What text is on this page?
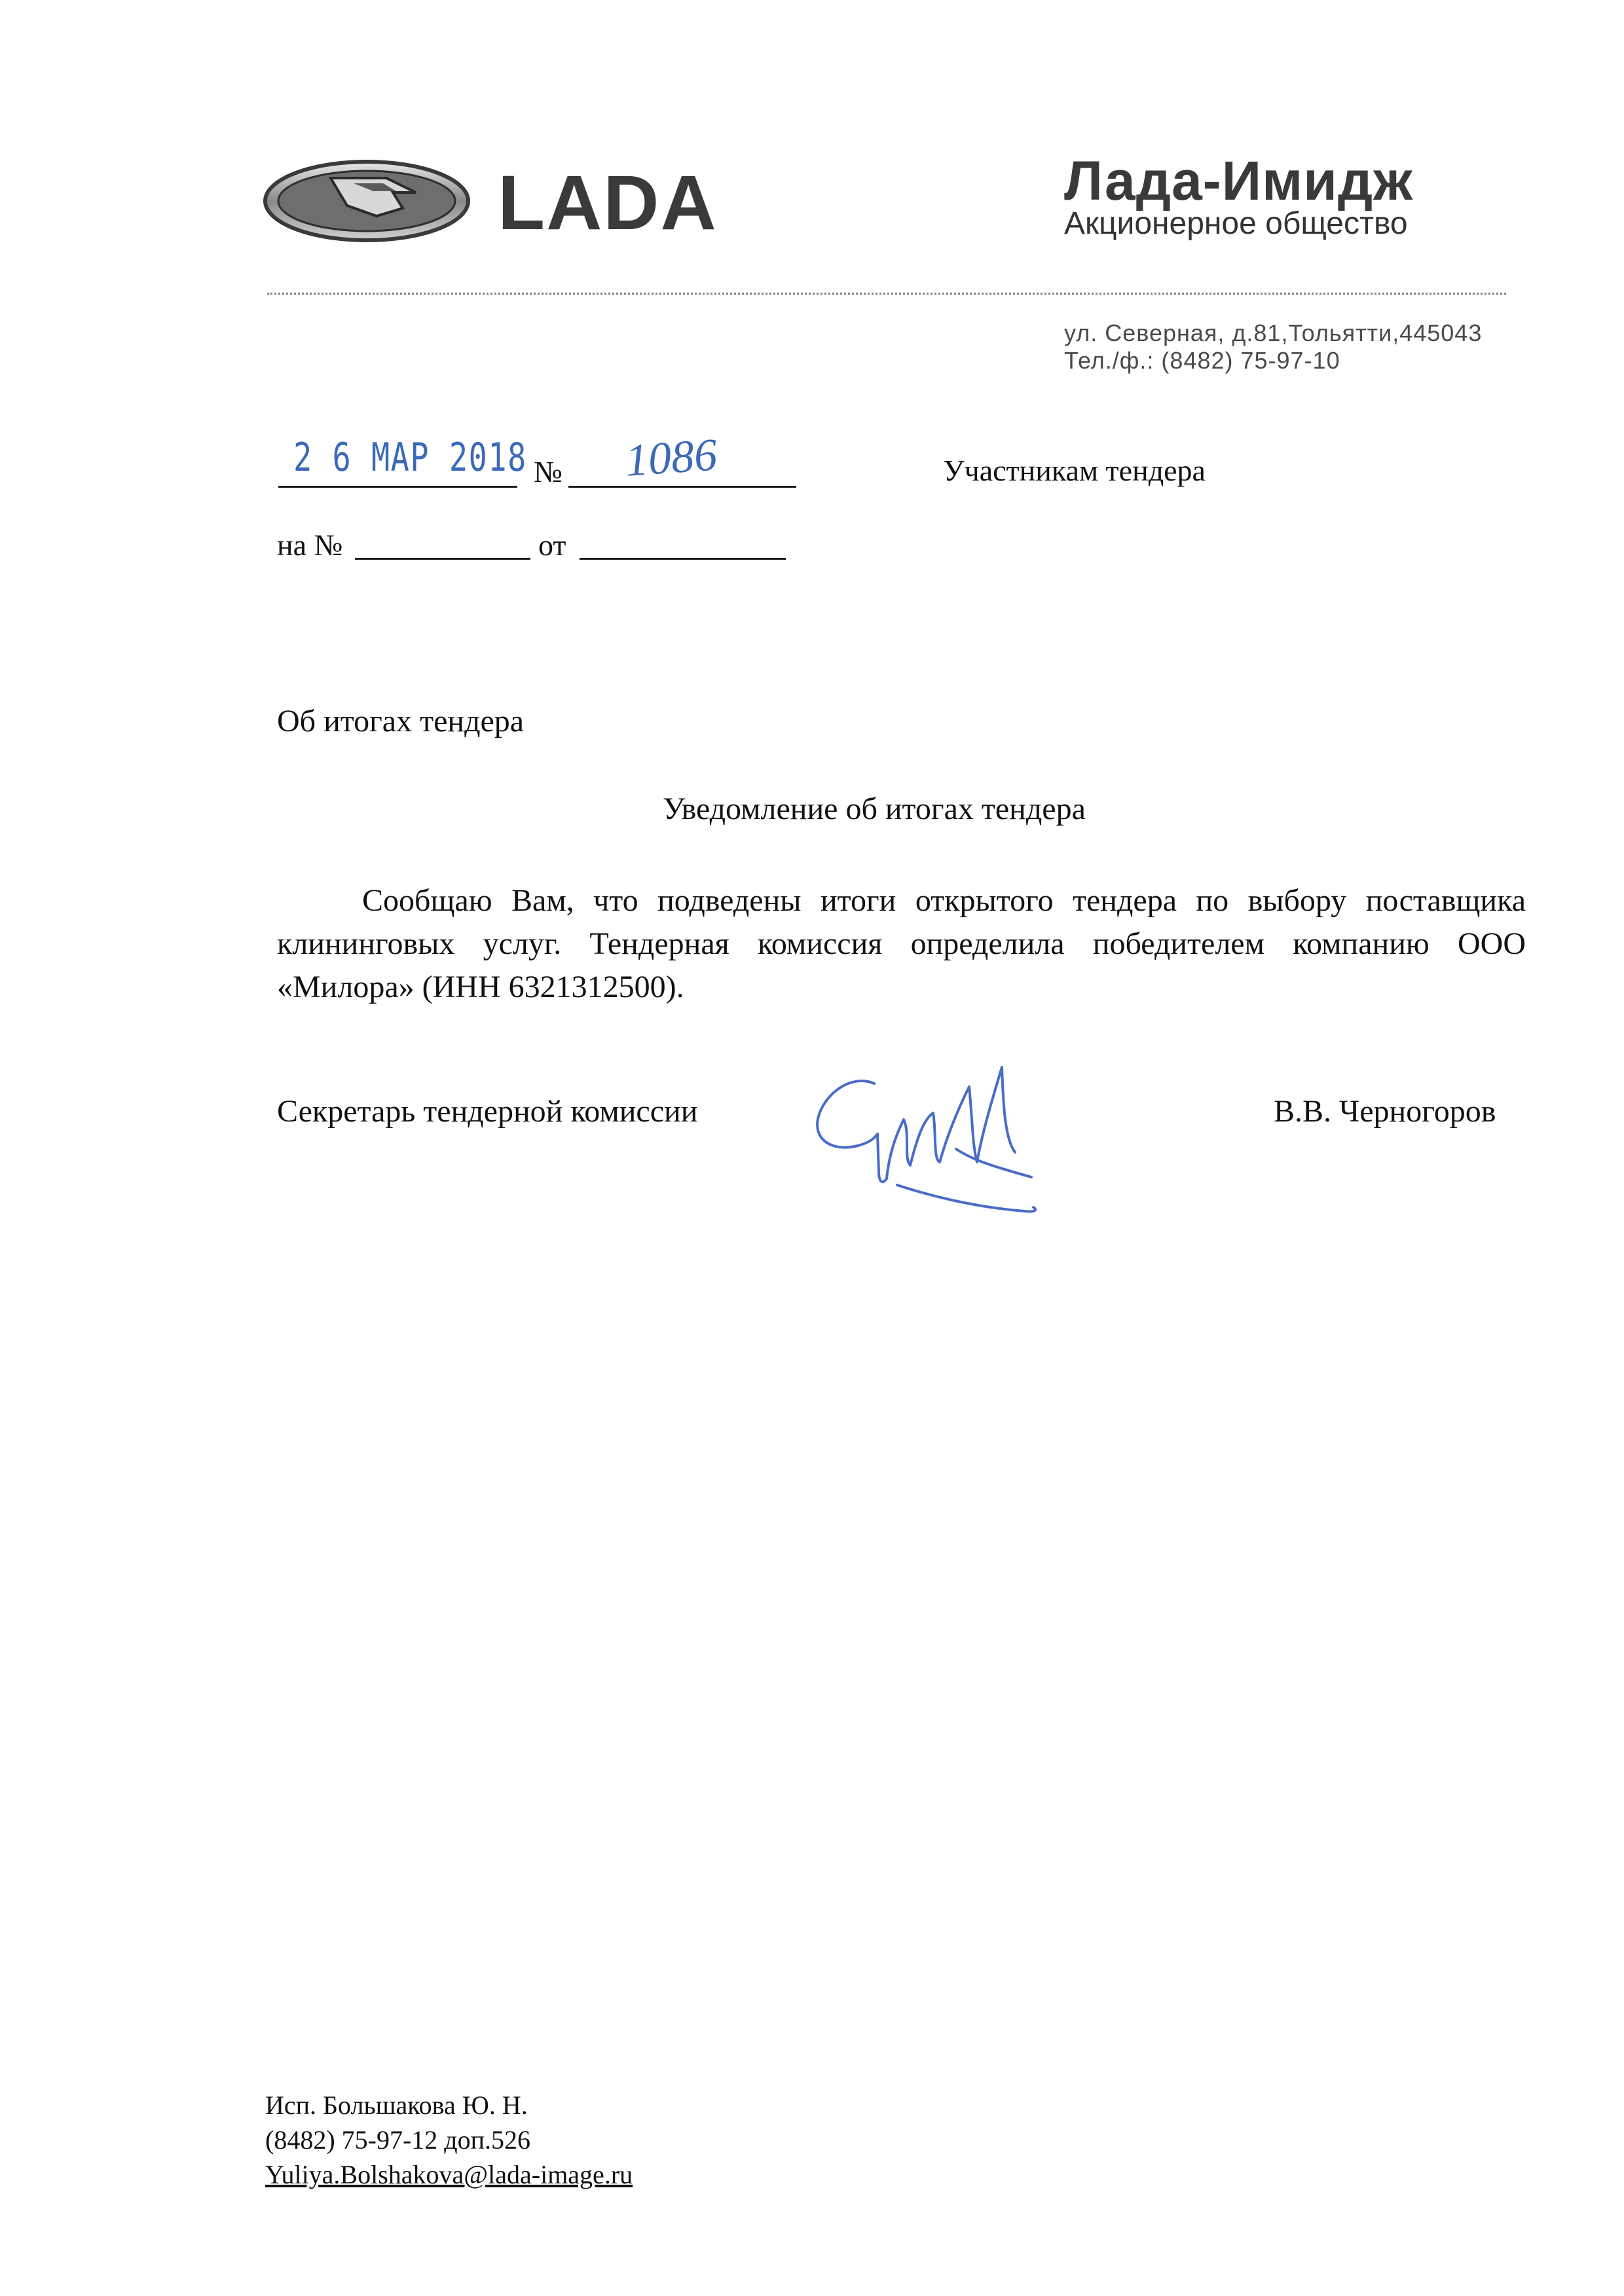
LADA	Лада-Имидж
Акционерное общество
ул. Северная, д.81,Тольятти,445043
Тел./ф.: (8482) 75-97-10
2 6 МАР 2018 № 1086	Участникам тендера
на №	от
Об итогах тендера
Уведомление об итогах тендера
Сообщаю Вам, что подведены итоги открытого тендера по выбору поставщика клининговых услуг. Тендерная комиссия определила победителем компанию ООО «Милора» (ИНН 6321312500).
Секретарь тендерной комиссии	В.В. Черногоров
Исп. Большакова Ю. Н.
(8482) 75-97-12 доп.526
Yuliya.Bolshakova@lada-image.ru
